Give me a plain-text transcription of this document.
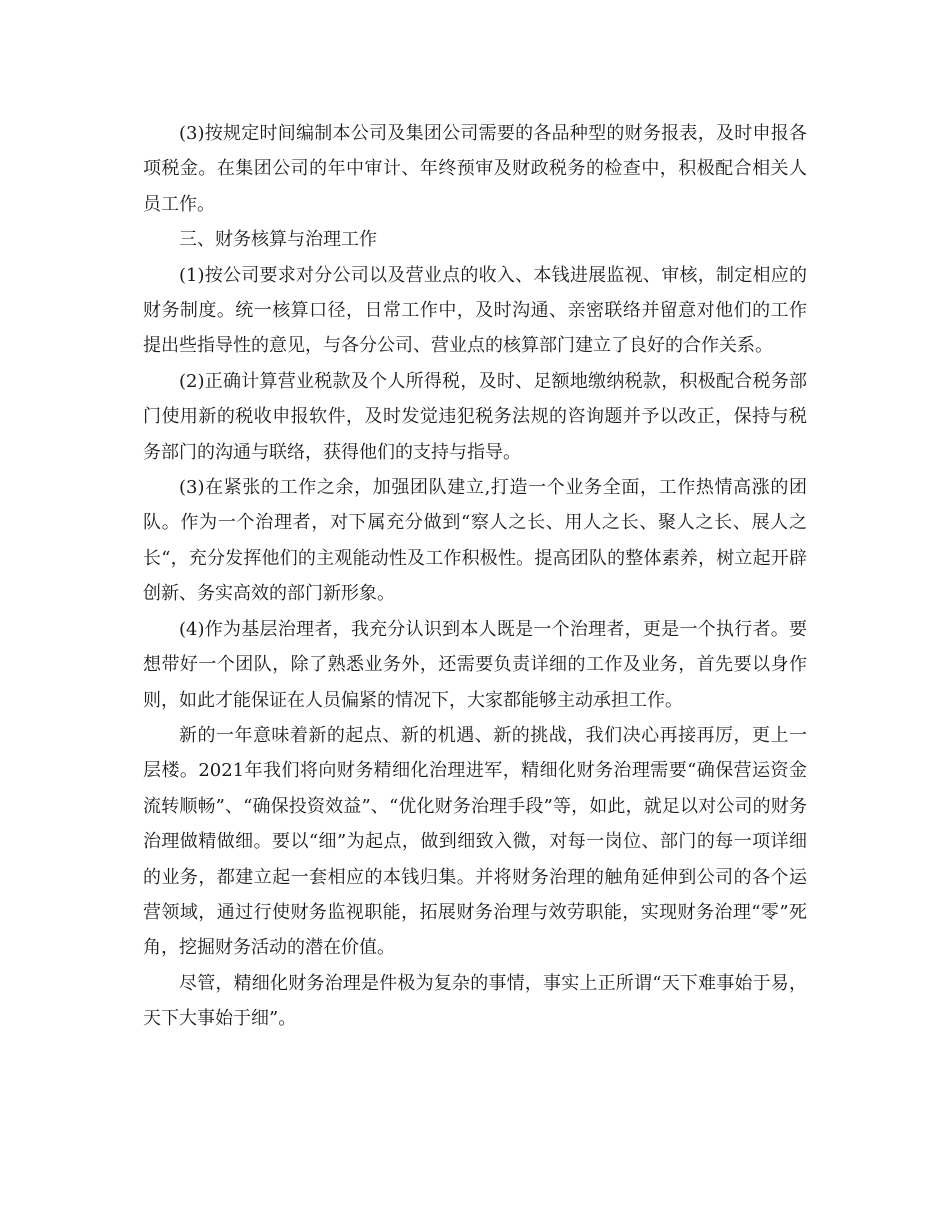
(3)按规定时间编制本公司及集团公司需要的各品种型的财务报表，及时申报各项税金。在集团公司的年中审计、年终预审及财政税务的检查中，积极配合相关人员工作。

三、财务核算与治理工作

(1)按公司要求对分公司以及营业点的收入、本钱进展监视、审核，制定相应的财务制度。统一核算口径，日常工作中，及时沟通、亲密联络并留意对他们的工作提出些指导性的意见，与各分公司、营业点的核算部门建立了良好的合作关系。

(2)正确计算营业税款及个人所得税，及时、足额地缴纳税款，积极配合税务部门使用新的税收申报软件，及时发觉违犯税务法规的咨询题并予以改正，保持与税务部门的沟通与联络，获得他们的支持与指导。

(3)在紧张的工作之余，加强团队建立,打造一个业务全面，工作热情高涨的团队。作为一个治理者，对下属充分做到“察人之长、用人之长、聚人之长、展人之长“，充分发挥他们的主观能动性及工作积极性。提高团队的整体素养，树立起开辟创新、务实高效的部门新形象。

(4)作为基层治理者，我充分认识到本人既是一个治理者，更是一个执行者。要想带好一个团队，除了熟悉业务外，还需要负责详细的工作及业务，首先要以身作则，如此才能保证在人员偏紧的情况下，大家都能够主动承担工作。

新的一年意味着新的起点、新的机遇、新的挑战，我们决心再接再厉，更上一层楼。2021年我们将向财务精细化治理进军，精细化财务治理需要“确保营运资金流转顺畅”、“确保投资效益”、“优化财务治理手段”等，如此，就足以对公司的财务治理做精做细。要以“细”为起点，做到细致入微，对每一岗位、部门的每一项详细的业务，都建立起一套相应的本钱归集。并将财务治理的触角延伸到公司的各个运营领域，通过行使财务监视职能，拓展财务治理与效劳职能，实现财务治理“零”死角，挖掘财务活动的潜在价值。

尽管，精细化财务治理是件极为复杂的事情，事实上正所谓“天下难事始于易，天下大事始于细”。
